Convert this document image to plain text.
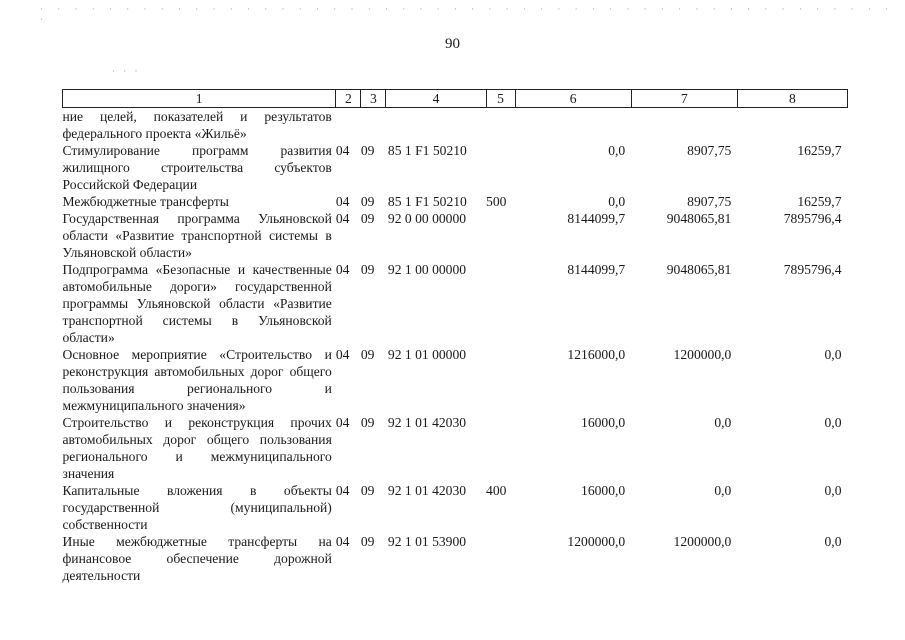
· · · · · · · · · · · · · · · · · · · · · · · · · · · · · · · · · · · · · · · · · · · · · · · · · · ·
· · ·
90
1	2	3	4	5	6	7	8
ние целей, показателей и результатов федерального проекта «Жильё»							
Стимулирование программ развития жилищного строительства субъектов Российской Федерации	04	09	85 1 F1 50210		0,0	8907,75	16259,7
Межбюджетные трансферты	04	09	85 1 F1 50210	500	0,0	8907,75	16259,7
Государственная программа Ульяновской области «Развитие транспортной системы в Ульяновской области»	04	09	92 0 00 00000		8144099,7	9048065,81	7895796,4
Подпрограмма «Безопасные и качественные автомобильные дороги» государственной программы Ульяновской области «Развитие транспортной системы в Ульяновской области»	04	09	92 1 00 00000		8144099,7	9048065,81	7895796,4
Основное мероприятие «Строительство и реконструкция автомобильных дорог общего пользования регионального и межмуниципального значения»	04	09	92 1 01 00000		1216000,0	1200000,0	0,0
Строительство и реконструкция прочих автомобильных дорог общего пользования регионального и межмуниципального значения	04	09	92 1 01 42030		16000,0	0,0	0,0
Капитальные вложения в объекты государственной (муниципальной) собственности	04	09	92 1 01 42030	400	16000,0	0,0	0,0
Иные межбюджетные трансферты на финансовое обеспечение дорожной деятельности	04	09	92 1 01 53900		1200000,0	1200000,0	0,0
